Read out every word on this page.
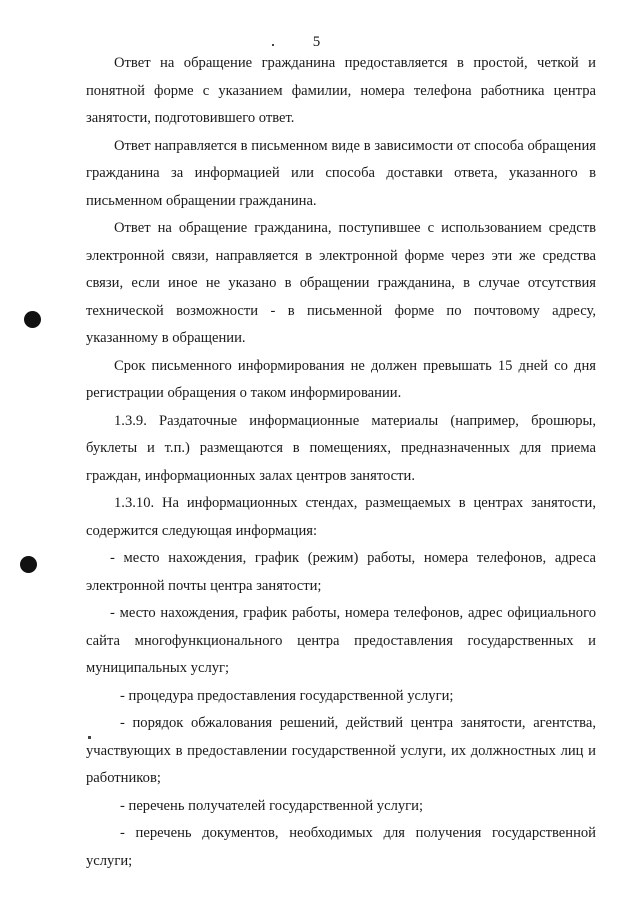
5

Ответ на обращение гражданина предоставляется в простой, четкой и понятной форме с указанием фамилии, номера телефона работника центра занятости, подготовившего ответ.

Ответ направляется в письменном виде в зависимости от способа обращения гражданина за информацией или способа доставки ответа, указанного в письменном обращении гражданина.

Ответ на обращение гражданина, поступившее с использованием средств электронной связи, направляется в электронной форме через эти же средства связи, если иное не указано в обращении гражданина, в случае отсутствия технической возможности - в письменной форме по почтовому адресу, указанному в обращении.

Срок письменного информирования не должен превышать 15 дней со дня регистрации обращения о таком информировании.

1.3.9. Раздаточные информационные материалы (например, брошюры, буклеты и т.п.) размещаются в помещениях, предназначенных для приема граждан, информационных залах центров занятости.

1.3.10. На информационных стендах, размещаемых в центрах занятости, содержится следующая информация:

- место нахождения, график (режим) работы, номера телефонов, адреса электронной почты центра занятости;

- место нахождения, график работы, номера телефонов, адрес официального сайта многофункционального центра предоставления государственных и муниципальных услуг;

- процедура предоставления государственной услуги;

- порядок обжалования решений, действий центра занятости, агентства, участвующих в предоставлении государственной услуги, их должностных лиц и работников;

- перечень получателей государственной услуги;

- перечень документов, необходимых для получения государственной услуги;
